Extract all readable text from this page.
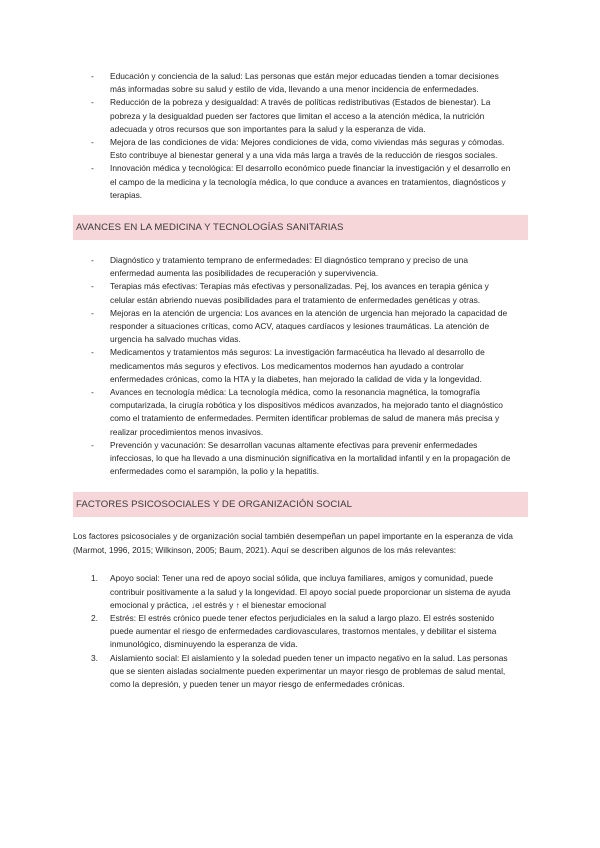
- Educación y conciencia de la salud: Las personas que están mejor educadas tienden a tomar decisiones más informadas sobre su salud y estilo de vida, llevando a una menor incidencia de enfermedades.
- Reducción de la pobreza y desigualdad: A través de políticas redistributivas (Estados de bienestar). La pobreza y la desigualdad pueden ser factores que limitan el acceso a la atención médica, la nutrición adecuada y otros recursos que son importantes para la salud y la esperanza de vida.
- Mejora de las condiciones de vida: Mejores condiciones de vida, como viviendas más seguras y cómodas. Esto contribuye al bienestar general y a una vida más larga a través de la reducción de riesgos sociales.
- Innovación médica y tecnológica: El desarrollo económico puede financiar la investigación y el desarrollo en el campo de la medicina y la tecnología médica, lo que conduce a avances en tratamientos, diagnósticos y terapias.
AVANCES EN LA MEDICINA Y TECNOLOGÍAS SANITARIAS
- Diagnóstico y tratamiento temprano de enfermedades: El diagnóstico temprano y preciso de una enfermedad aumenta las posibilidades de recuperación y supervivencia.
- Terapias más efectivas: Terapias más efectivas y personalizadas. Pej, los avances en terapia génica y celular están abriendo nuevas posibilidades para el tratamiento de enfermedades genéticas y otras.
- Mejoras en la atención de urgencia: Los avances en la atención de urgencia han mejorado la capacidad de responder a situaciones críticas, como ACV, ataques cardíacos y lesiones traumáticas. La atención de urgencia ha salvado muchas vidas.
- Medicamentos y tratamientos más seguros: La investigación farmacéutica ha llevado al desarrollo de medicamentos más seguros y efectivos. Los medicamentos modernos han ayudado a controlar enfermedades crónicas, como la HTA y la diabetes, han mejorado la calidad de vida y la longevidad.
- Avances en tecnología médica: La tecnología médica, como la resonancia magnética, la tomografía computarizada, la cirugía robótica y los dispositivos médicos avanzados, ha mejorado tanto el diagnóstico como el tratamiento de enfermedades. Permiten identificar problemas de salud de manera más precisa y realizar procedimientos menos invasivos.
- Prevención y vacunación: Se desarrollan vacunas altamente efectivas para prevenir enfermedades infecciosas, lo que ha llevado a una disminución significativa en la mortalidad infantil y en la propagación de enfermedades como el sarampión, la polio y la hepatitis.
FACTORES PSICOSOCIALES Y DE ORGANIZACIÓN SOCIAL

Los factores psicosociales y de organización social también desempeñan un papel importante en la esperanza de vida (Marmot, 1996, 2015; Wilkinson, 2005; Baum, 2021). Aquí se describen algunos de los más relevantes:

1. Apoyo social: Tener una red de apoyo social sólida, que incluya familiares, amigos y comunidad, puede contribuir positivamente a la salud y la longevidad. El apoyo social puede proporcionar un sistema de ayuda emocional y práctica, ↓el estrés y ↑ el bienestar emocional
2. Estrés: El estrés crónico puede tener efectos perjudiciales en la salud a largo plazo. El estrés sostenido puede aumentar el riesgo de enfermedades cardiovasculares, trastornos mentales, y debilitar el sistema inmunológico, disminuyendo la esperanza de vida.
3. Aislamiento social: El aislamiento y la soledad pueden tener un impacto negativo en la salud. Las personas que se sienten aisladas socialmente pueden experimentar un mayor riesgo de problemas de salud mental, como la depresión, y pueden tener un mayor riesgo de enfermedades crónicas.
